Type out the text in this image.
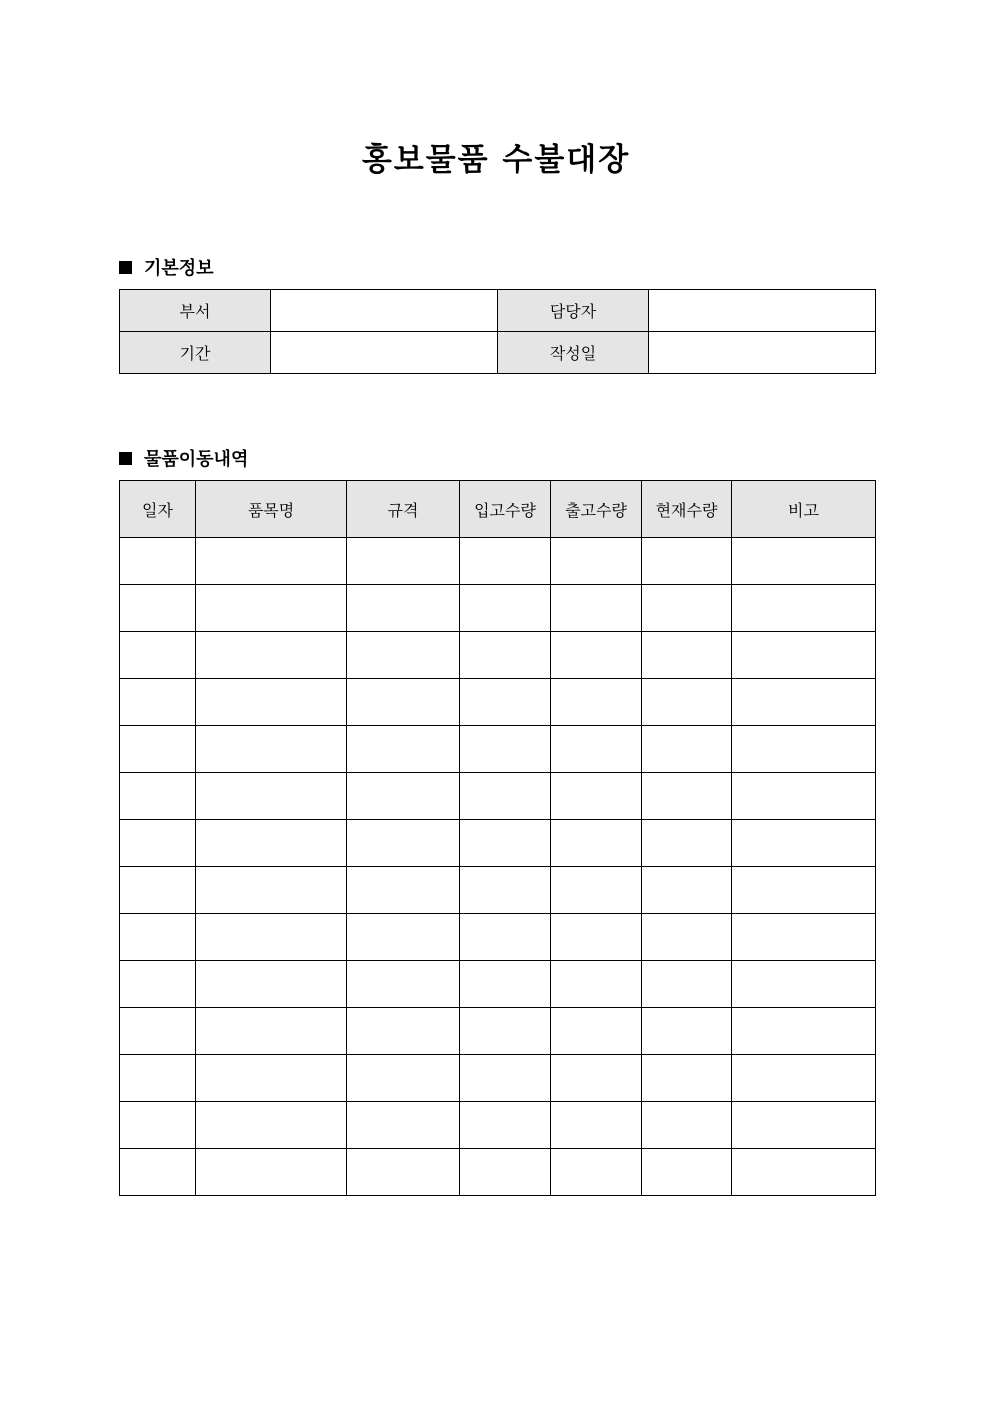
홍보물품 수불대장
기본정보
부서		담당자	
기간		작성일	
물품이동내역
일자	품목명	규격	입고수량	출고수량	현재수량	비고
